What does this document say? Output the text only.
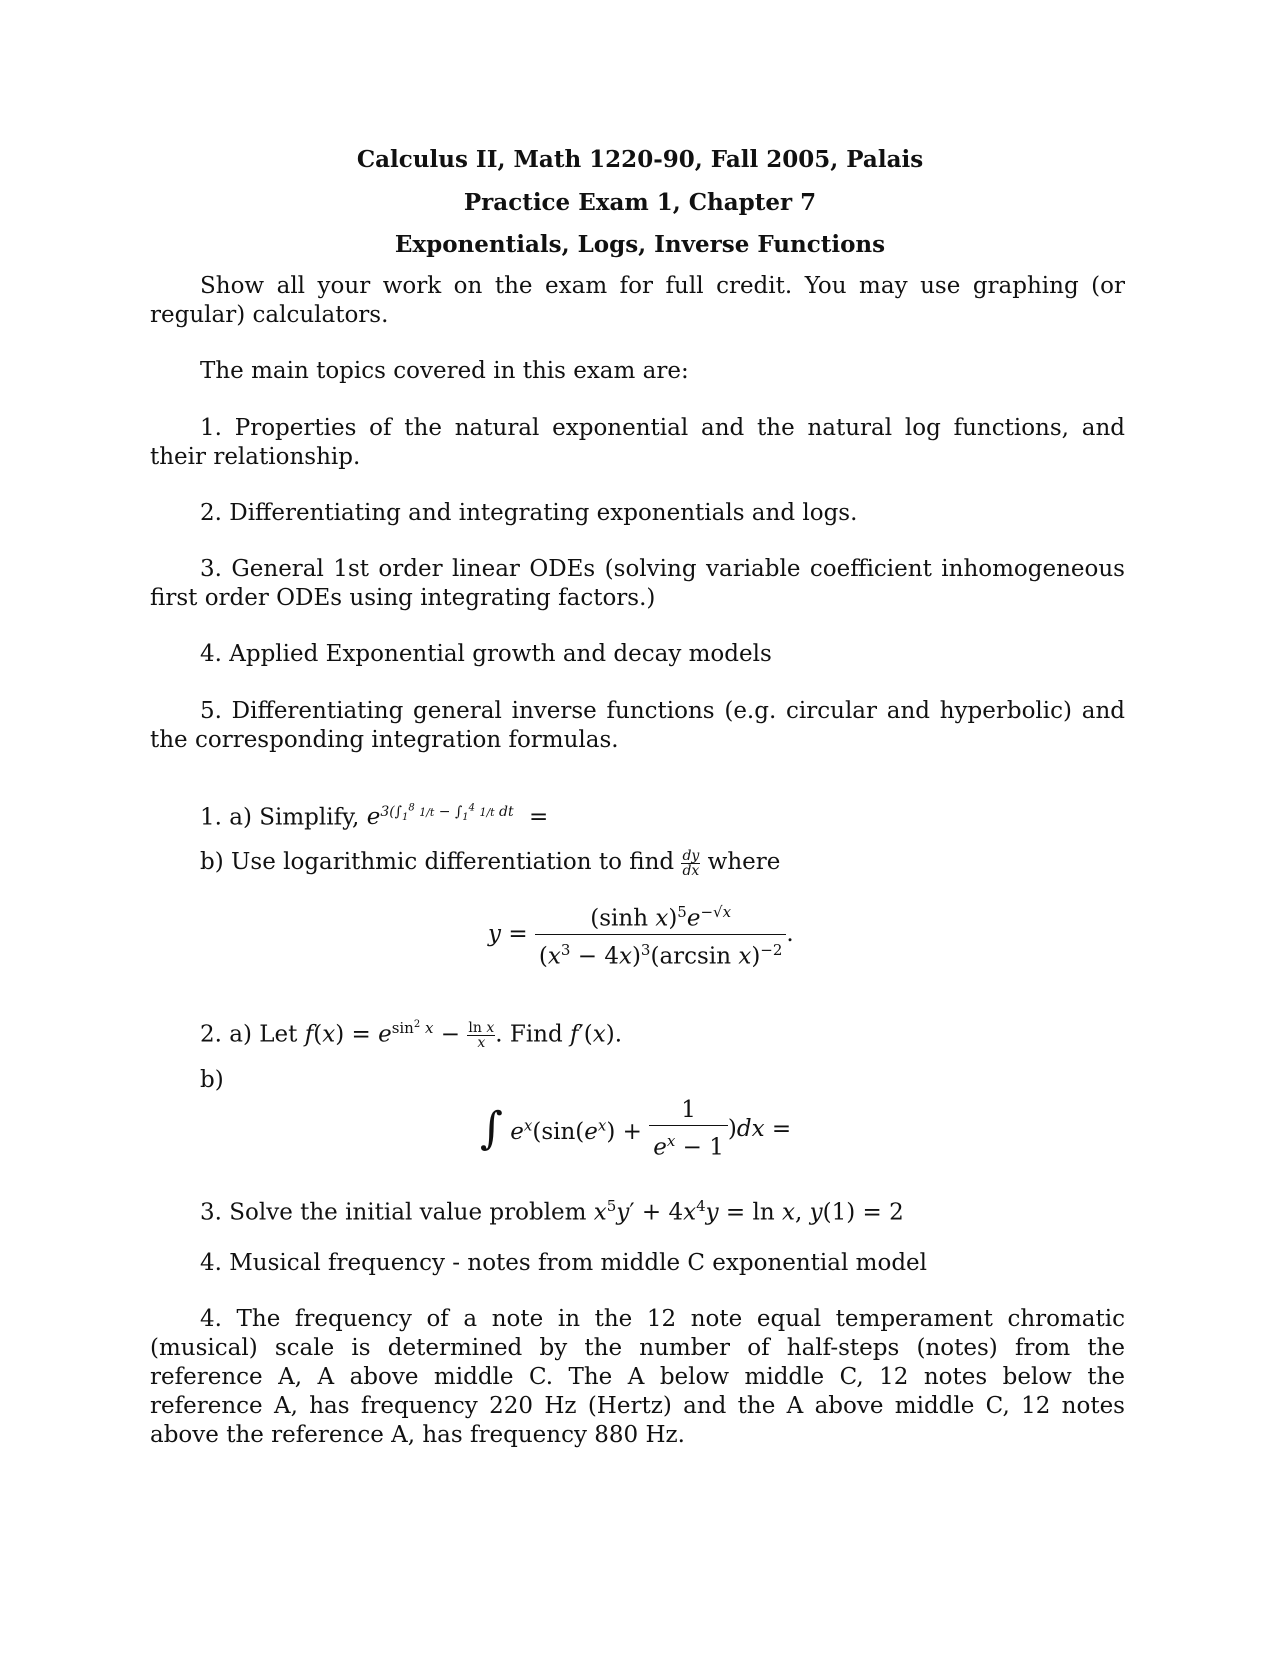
Calculus II, Math 1220-90, Fall 2005, Palais
Practice Exam 1, Chapter 7
Exponentials, Logs, Inverse Functions
Show all your work on the exam for full credit. You may use graphing (or regular) calculators.
The main topics covered in this exam are:
1. Properties of the natural exponential and the natural log functions, and their relationship.
2. Differentiating and integrating exponentials and logs.
3. General 1st order linear ODEs (solving variable coefficient inhomogeneous first order ODEs using integrating factors.)
4. Applied Exponential growth and decay models
5. Differentiating general inverse functions (e.g. circular and hyperbolic) and the corresponding integration formulas.
1. a) Simplify, $e^{3(\int_1^8 1/t - \int_1^4 1/t dt}$ =
b) Use logarithmic differentiation to find $\frac{dy}{dx}$ where
$y = \frac{(\sinh x)^5e^{-√x}}{(x^3 - 4x)^3(\arcsin x)^{-2}}$ .
2. a) Let $f(x) = e^{sin^2 x} - \frac{\text{ln x}}{x}$ . Find f′(x).
b)
∫ $e^x(\sin(e^x) + \frac{1}{e^x - 1} )dx$ =
3. Solve the initial value problem $x^5y' + 4x^4y = \ln x$, y(1) = 2
4. Musical frequency - notes from middle C exponential model
4. The frequency of a note in the 12 note equal temperament chromatic (musical) scale is determined by the number of half-steps (notes) from the reference A, A above middle C. The A below middle C, 12 notes below the reference A, has frequency 220 Hz (Hertz) and the A above middle C, 12 notes above the reference A, has frequency 880 Hz.
